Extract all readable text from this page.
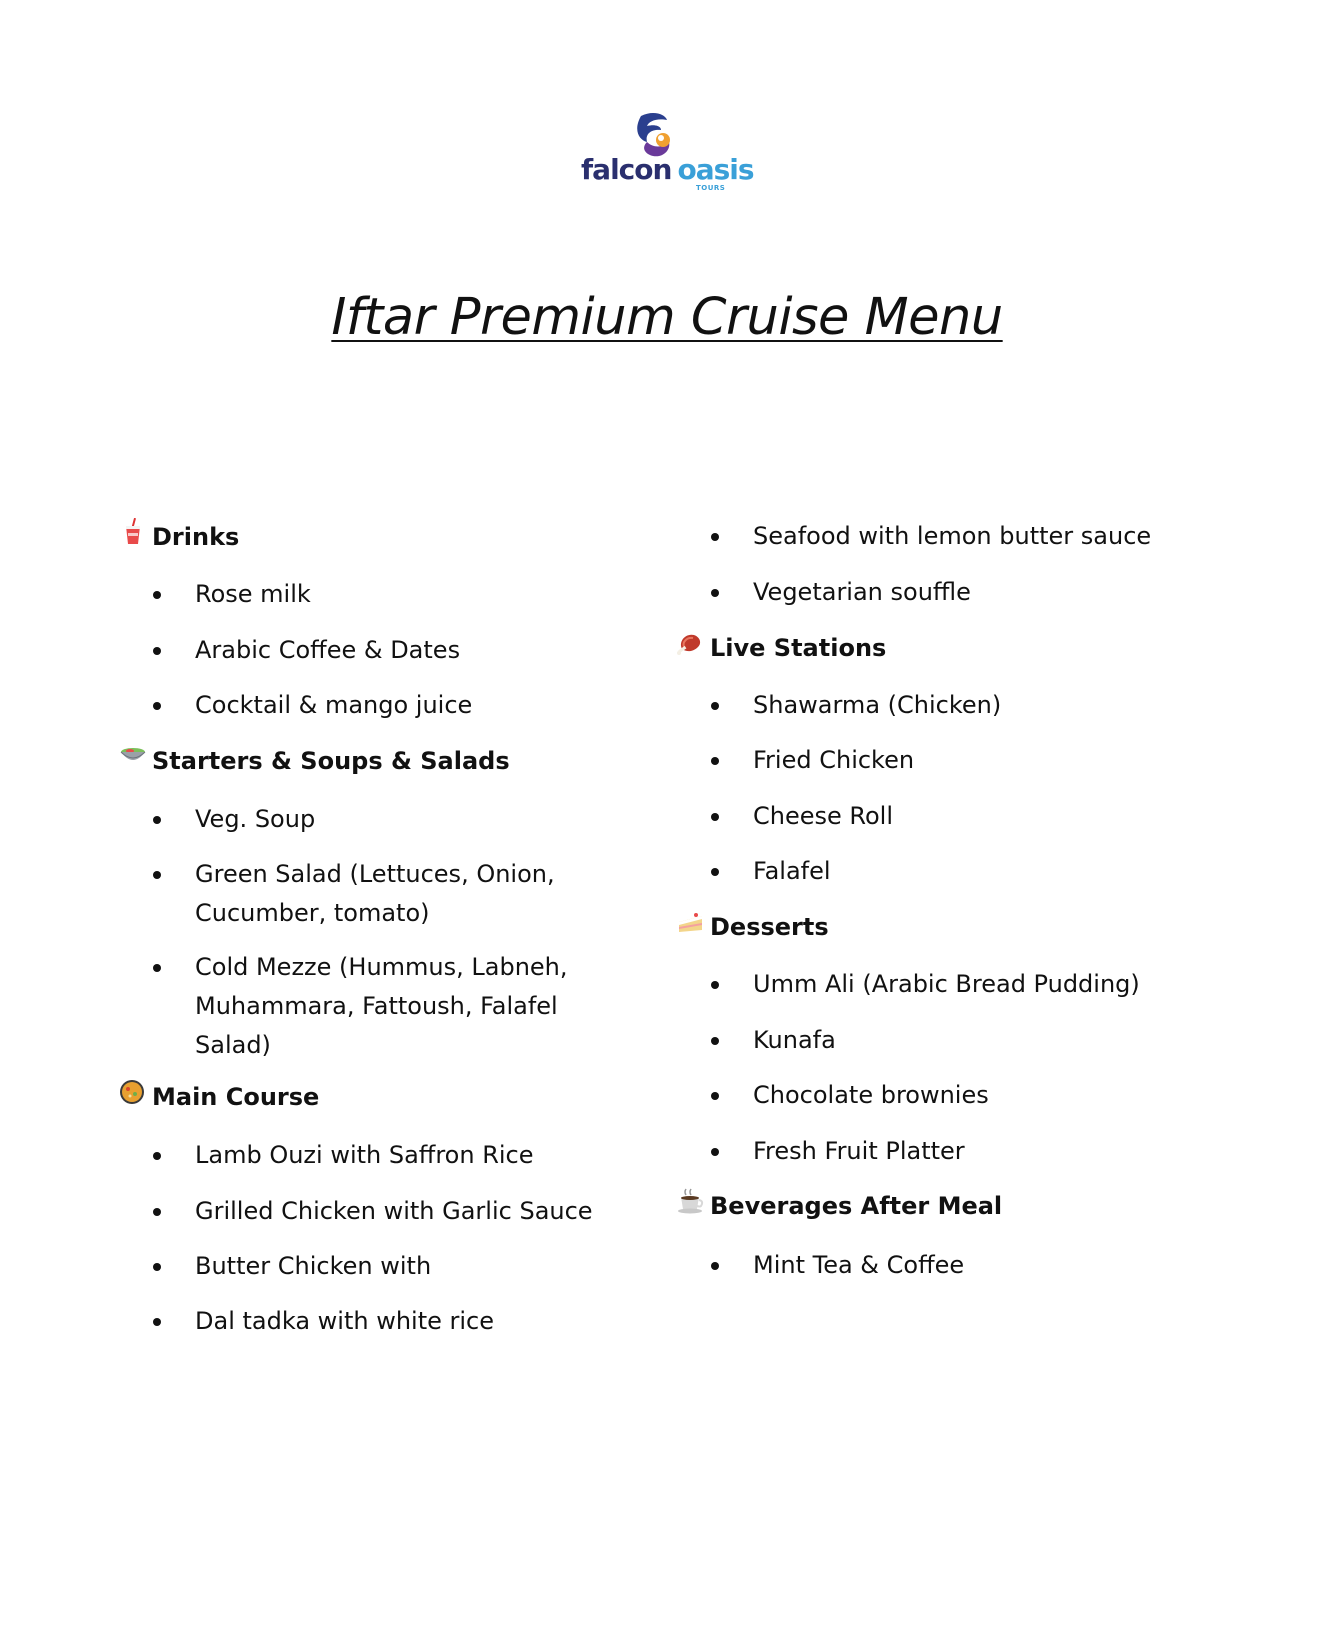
falcon oasis
TOURS
Iftar Premium Cruise Menu
Drinks
Rose milk
Arabic Coffee & Dates
Cocktail & mango juice
Starters & Soups & Salads
Veg. Soup
Green Salad (Lettuces, Onion, Cucumber, tomato)
Cold Mezze (Hummus, Labneh, Muhammara, Fattoush, Falafel Salad)
Main Course
Lamb Ouzi with Saffron Rice
Grilled Chicken with Garlic Sauce
Butter Chicken with
Dal tadka with white rice
Seafood with lemon butter sauce
Vegetarian souffle
Live Stations
Shawarma (Chicken)
Fried Chicken
Cheese Roll
Falafel
Desserts
Umm Ali (Arabic Bread Pudding)
Kunafa
Chocolate brownies
Fresh Fruit Platter
Beverages After Meal
Mint Tea & Coffee
